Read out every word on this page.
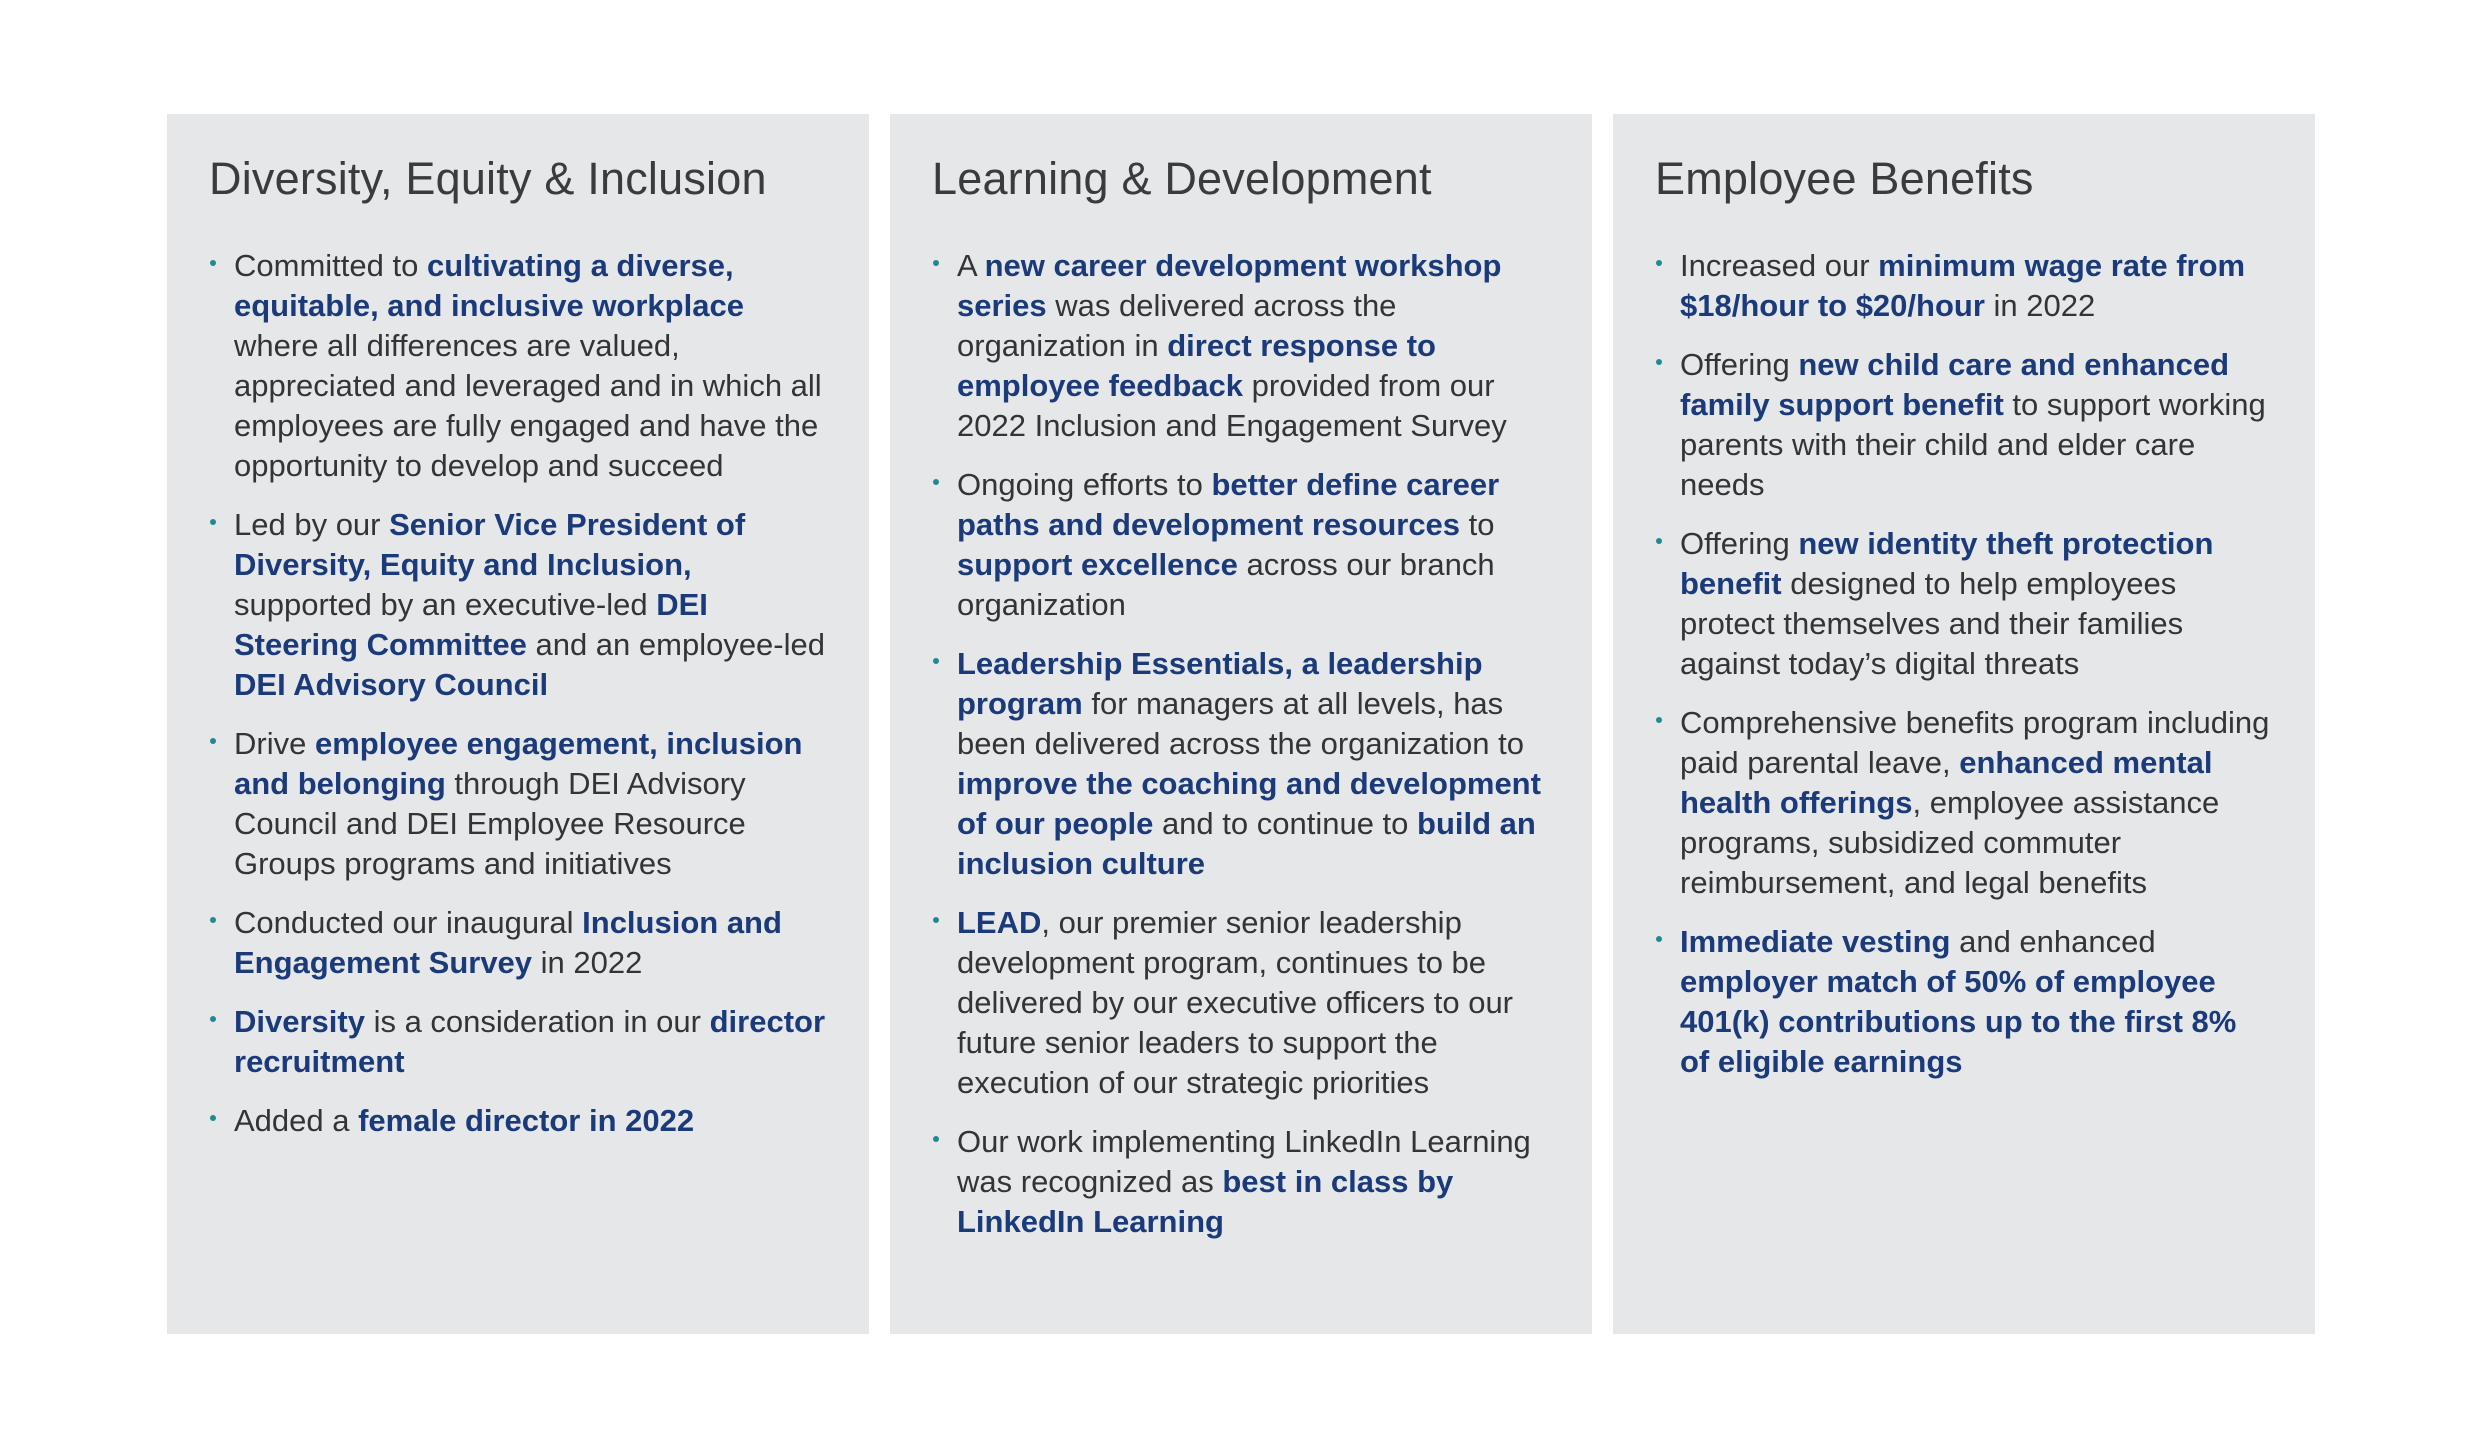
Diversity, Equity & Inclusion
Committed to cultivating a diverse, equitable, and inclusive workplace where all differences are valued, appreciated and leveraged and in which all employees are fully engaged and have the opportunity to develop and succeed
Led by our Senior Vice President of Diversity, Equity and Inclusion, supported by an executive-led DEI Steering Committee and an employee-led DEI Advisory Council
Drive employee engagement, inclusion and belonging through DEI Advisory Council and DEI Employee Resource Groups programs and initiatives
Conducted our inaugural Inclusion and Engagement Survey in 2022
Diversity is a consideration in our director recruitment
Added a female director in 2022
Learning & Development
A new career development workshop series was delivered across the organization in direct response to employee feedback provided from our 2022 Inclusion and Engagement Survey
Ongoing efforts to better define career paths and development resources to support excellence across our branch organization
Leadership Essentials, a leadership program for managers at all levels, has been delivered across the organization to improve the coaching and development of our people and to continue to build an inclusion culture
LEAD, our premier senior leadership development program, continues to be delivered by our executive officers to our future senior leaders to support the execution of our strategic priorities
Our work implementing LinkedIn Learning was recognized as best in class by LinkedIn Learning
Employee Benefits
Increased our minimum wage rate from $18/hour to $20/hour in 2022
Offering new child care and enhanced family support benefit to support working parents with their child and elder care needs
Offering new identity theft protection benefit designed to help employees protect themselves and their families against today’s digital threats
Comprehensive benefits program including paid parental leave, enhanced mental health offerings, employee assistance programs, subsidized commuter reimbursement, and legal benefits
Immediate vesting and enhanced employer match of 50% of employee 401(k) contributions up to the first 8% of eligible earnings
